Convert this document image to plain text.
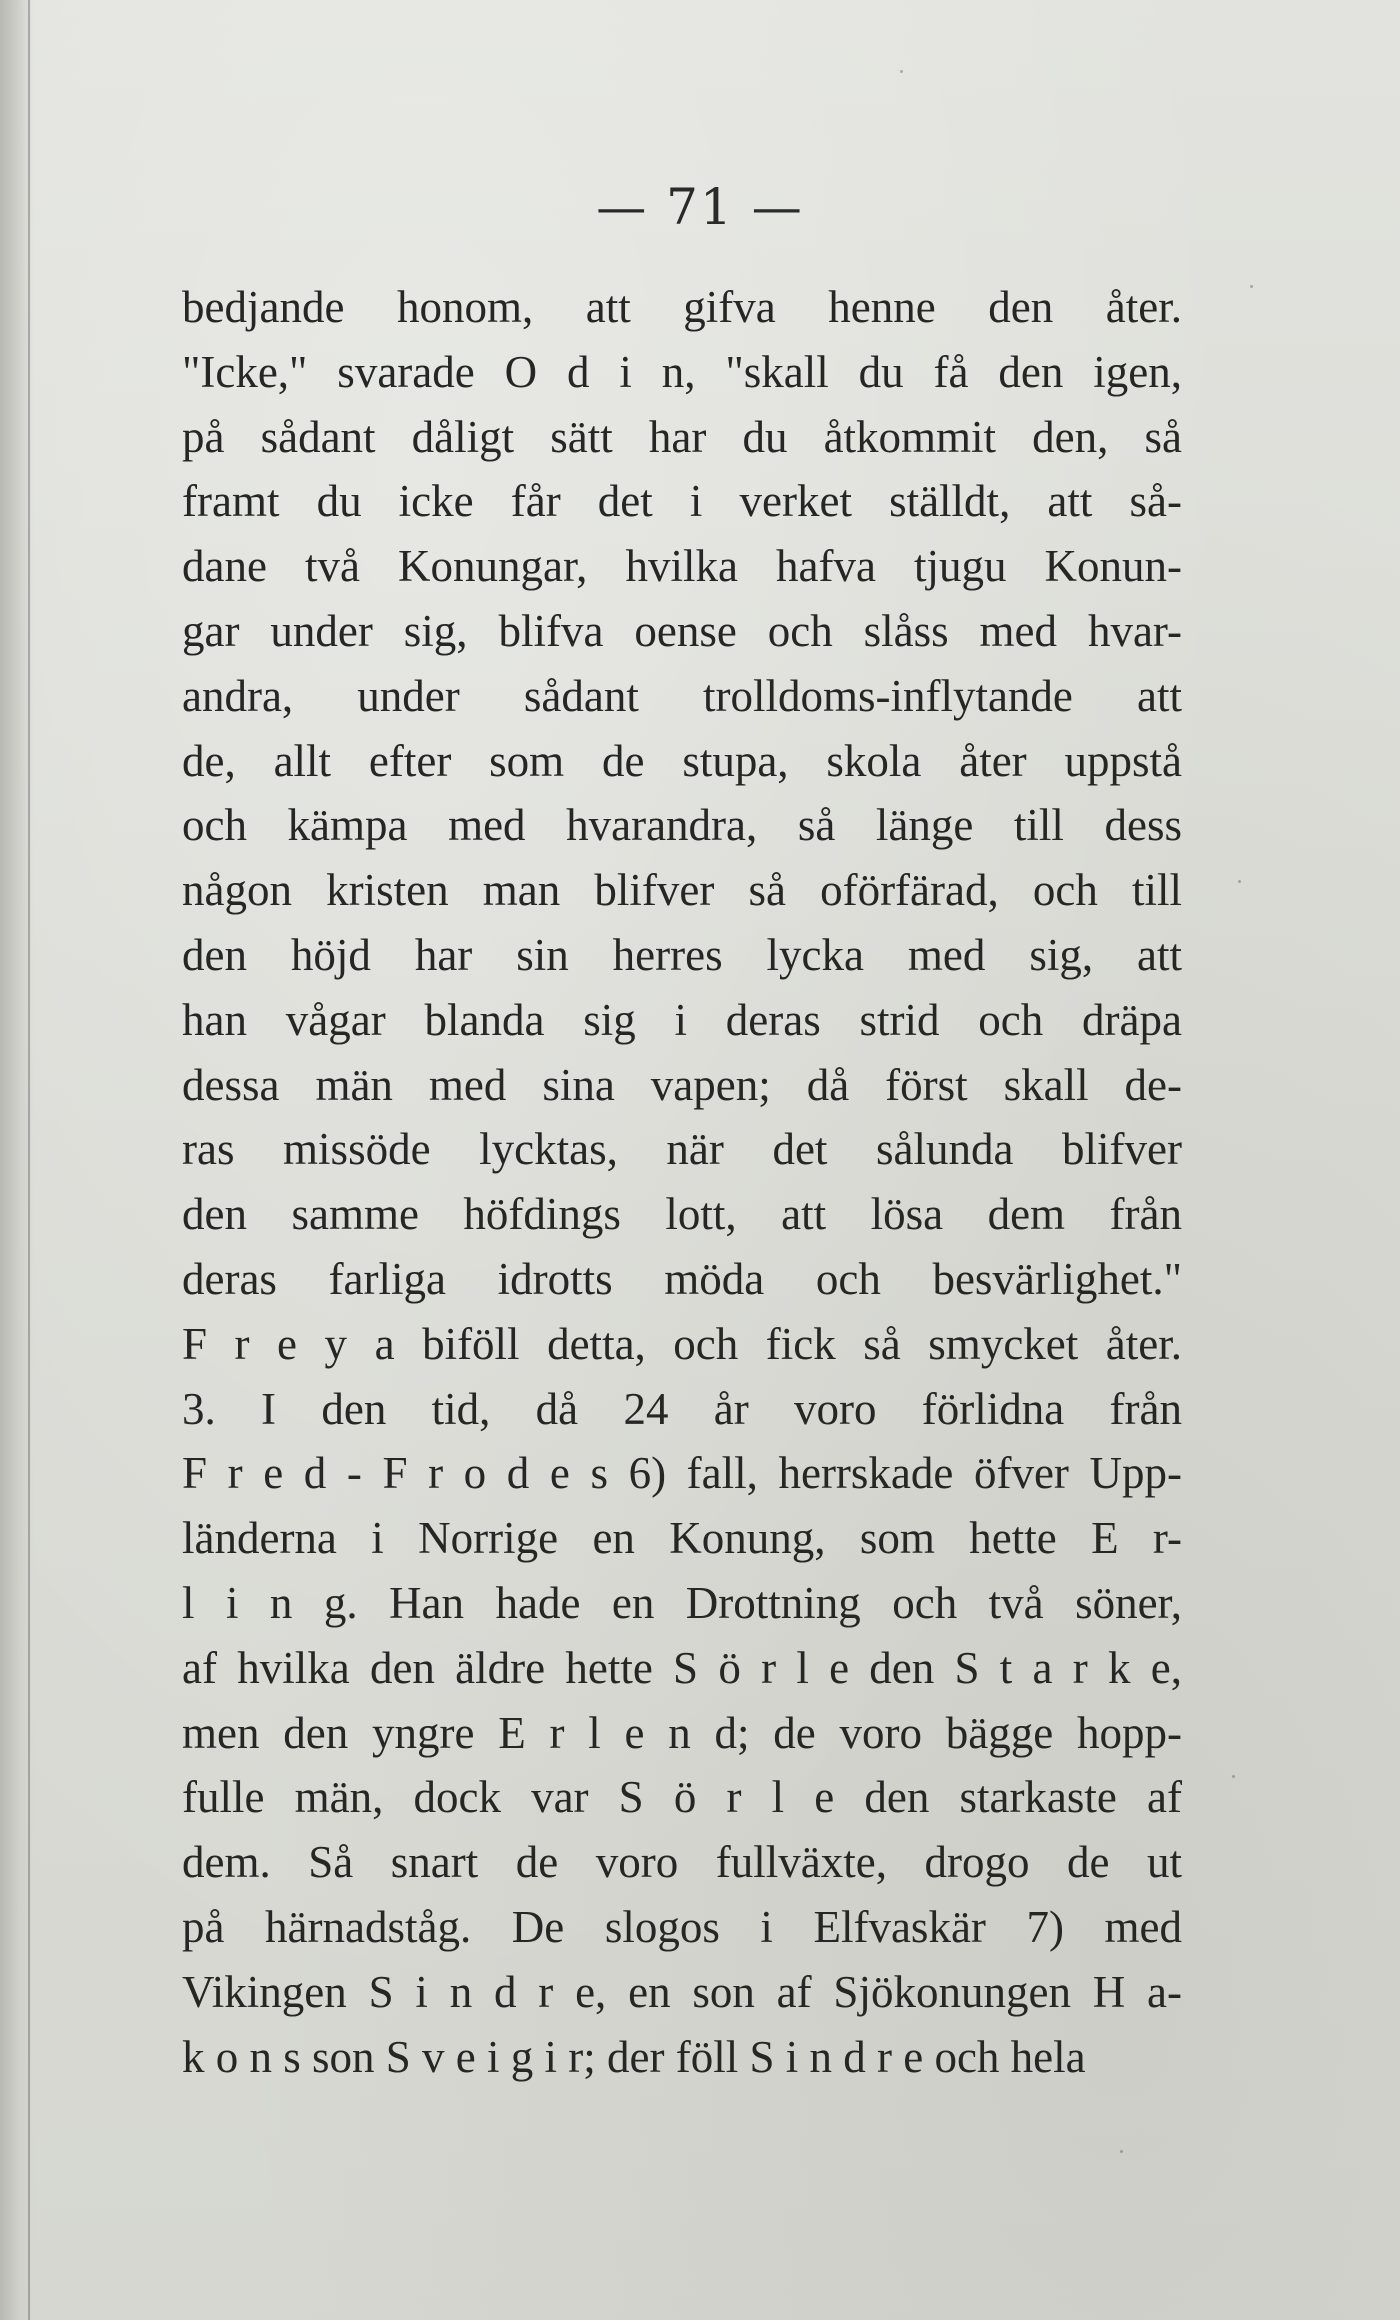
— 71 —
bedjande honom, att gifva henne den åter.
"Icke," svarade O d i n, "skall du få den igen,
på sådant dåligt sätt har du åtkommit den, så
framt du icke får det i verket ställdt, att så-
dane två Konungar, hvilka hafva tjugu Konun-
gar under sig, blifva oense och slåss med hvar-
andra, under sådant trolldoms-inflytande att
de, allt efter som de stupa, skola åter uppstå
och kämpa med hvarandra, så länge till dess
någon kristen man blifver så oförfärad, och till
den höjd har sin herres lycka med sig, att
han vågar blanda sig i deras strid och dräpa
dessa män med sina vapen; då först skall de-
ras missöde lycktas, när det sålunda blifver
den samme höfdings lott, att lösa dem från
deras farliga idrotts möda och besvärlighet."
F r e y a biföll detta, och fick så smycket åter.
3. I den tid, då 24 år voro förlidna från
F r e d - F r o d e s 6) fall, herrskade öfver Upp-
länderna i Norrige en Konung, som hette E r-
l i n g. Han hade en Drottning och två söner,
af hvilka den äldre hette S ö r l e den S t a r k e,
men den yngre E r l e n d; de voro bägge hopp-
fulle män, dock var S ö r l e den starkaste af
dem. Så snart de voro fullväxte, drogo de ut
på härnadståg. De slogos i Elfvaskär 7) med
Vikingen S i n d r e, en son af Sjökonungen H a-
k o n s son S v e i g i r; der föll S i n d r e och hela
